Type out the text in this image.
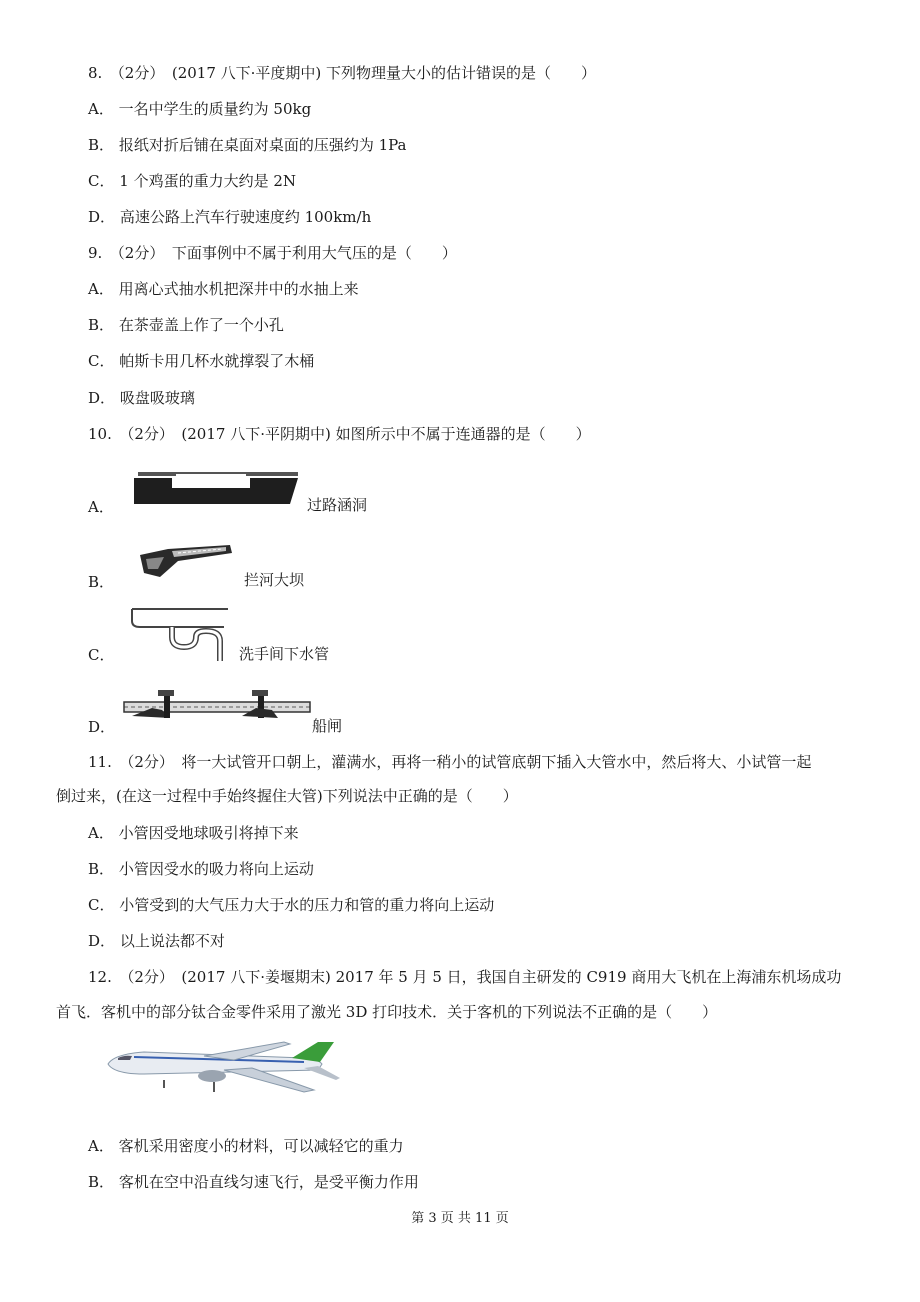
8.　（2分）　(2017 八下·平度期中) 下列物理量大小的估计错误的是（　　）
A． 一名中学生的质量约为 50kg
B． 报纸对折后铺在桌面对桌面的压强约为 1Pa
C． 1 个鸡蛋的重力大约是 2N
D． 高速公路上汽车行驶速度约 100km/h
9.　（2分）　下面事例中不属于利用大气压的是（　　）
A． 用离心式抽水机把深井中的水抽上来
B． 在茶壶盖上作了一个小孔
C． 帕斯卡用几杯水就撑裂了木桶
D． 吸盘吸玻璃
10.　（2分）　(2017 八下·平阴期中) 如图所示中不属于连通器的是（　　）
A．	过路涵洞
B．	拦河大坝
C．	洗手间下水管
D．	船闸
11.　（2分）　将一大试管开口朝上，灌满水，再将一稍小的试管底朝下插入大管水中，然后将大、小试管一起
倒过来，(在这一过程中手始终握住大管)下列说法中正确的是（　　）
A． 小管因受地球吸引将掉下来
B． 小管因受水的吸力将向上运动
C． 小管受到的大气压力大于水的压力和管的重力将向上运动
D． 以上说法都不对
12.　（2分）　(2017 八下·姜堰期末) 2017 年 5 月 5 日，我国自主研发的 C919 商用大飞机在上海浦东机场成功
首飞．客机中的部分钛合金零件采用了激光 3D 打印技术．关于客机的下列说法不正确的是（　　）
A． 客机采用密度小的材料，可以减轻它的重力
B． 客机在空中沿直线匀速飞行，是受平衡力作用
第 3 页 共 11 页
